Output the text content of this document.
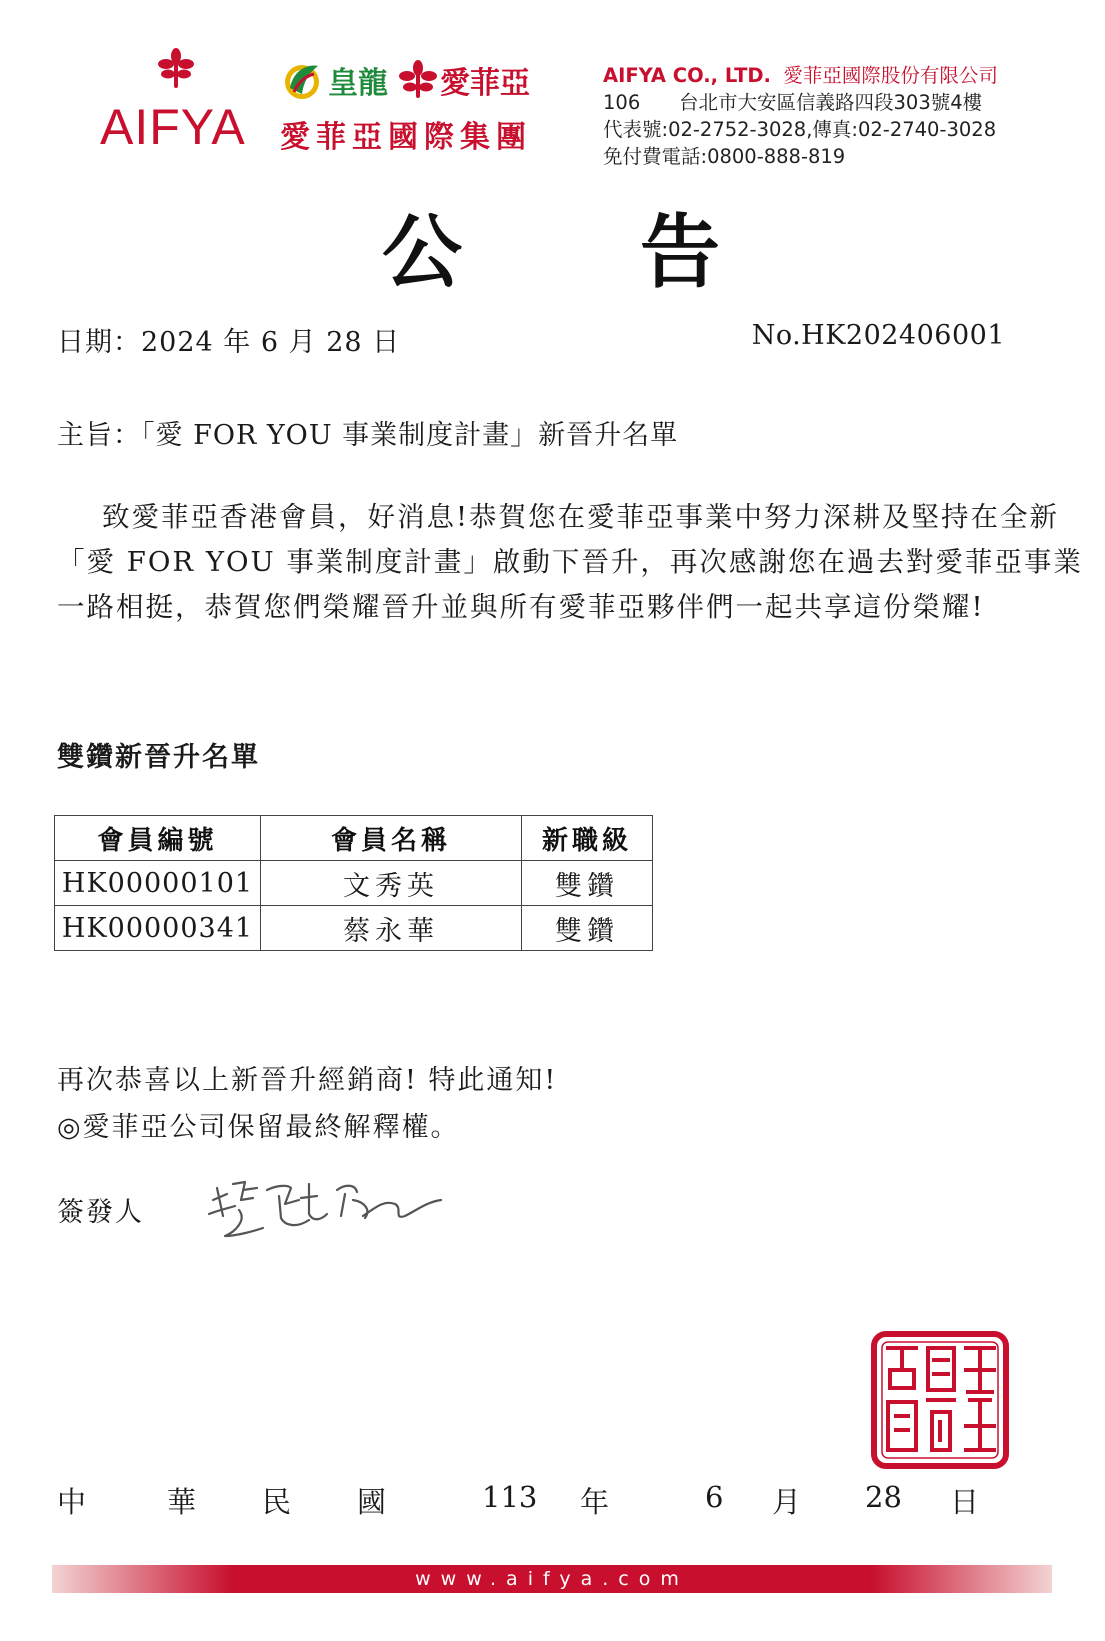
AIFYA
皇龍 愛菲亞
愛菲亞國際集團
AIFYA CO., LTD. 愛菲亞國際股份有限公司
106 台北市大安區信義路四段303號4樓
代表號:02-2752-3028,傳真:02-2740-3028
免付費電話:0800-888-819
公 告
日期：2024 年 6 月 28 日	No.HK202406001
主旨：「愛 FOR YOU 事業制度計畫」新晉升名單
致愛菲亞香港會員，好消息!恭賀您在愛菲亞事業中努力深耕及堅持在全新「愛 FOR YOU 事業制度計畫」啟動下晉升，再次感謝您在過去對愛菲亞事業一路相挺，恭賀您們榮耀晉升並與所有愛菲亞夥伴們一起共享這份榮耀!
雙鑽新晉升名單
會員編號	會員名稱	新職級
HK00000101	文秀英	雙鑽
HK00000341	蔡永華	雙鑽
再次恭喜以上新晉升經銷商! 特此通知!
◎愛菲亞公司保留最終解釋權。
簽發人
中	華 民 國	113 年	6 月 28 日
www.aifya.com
